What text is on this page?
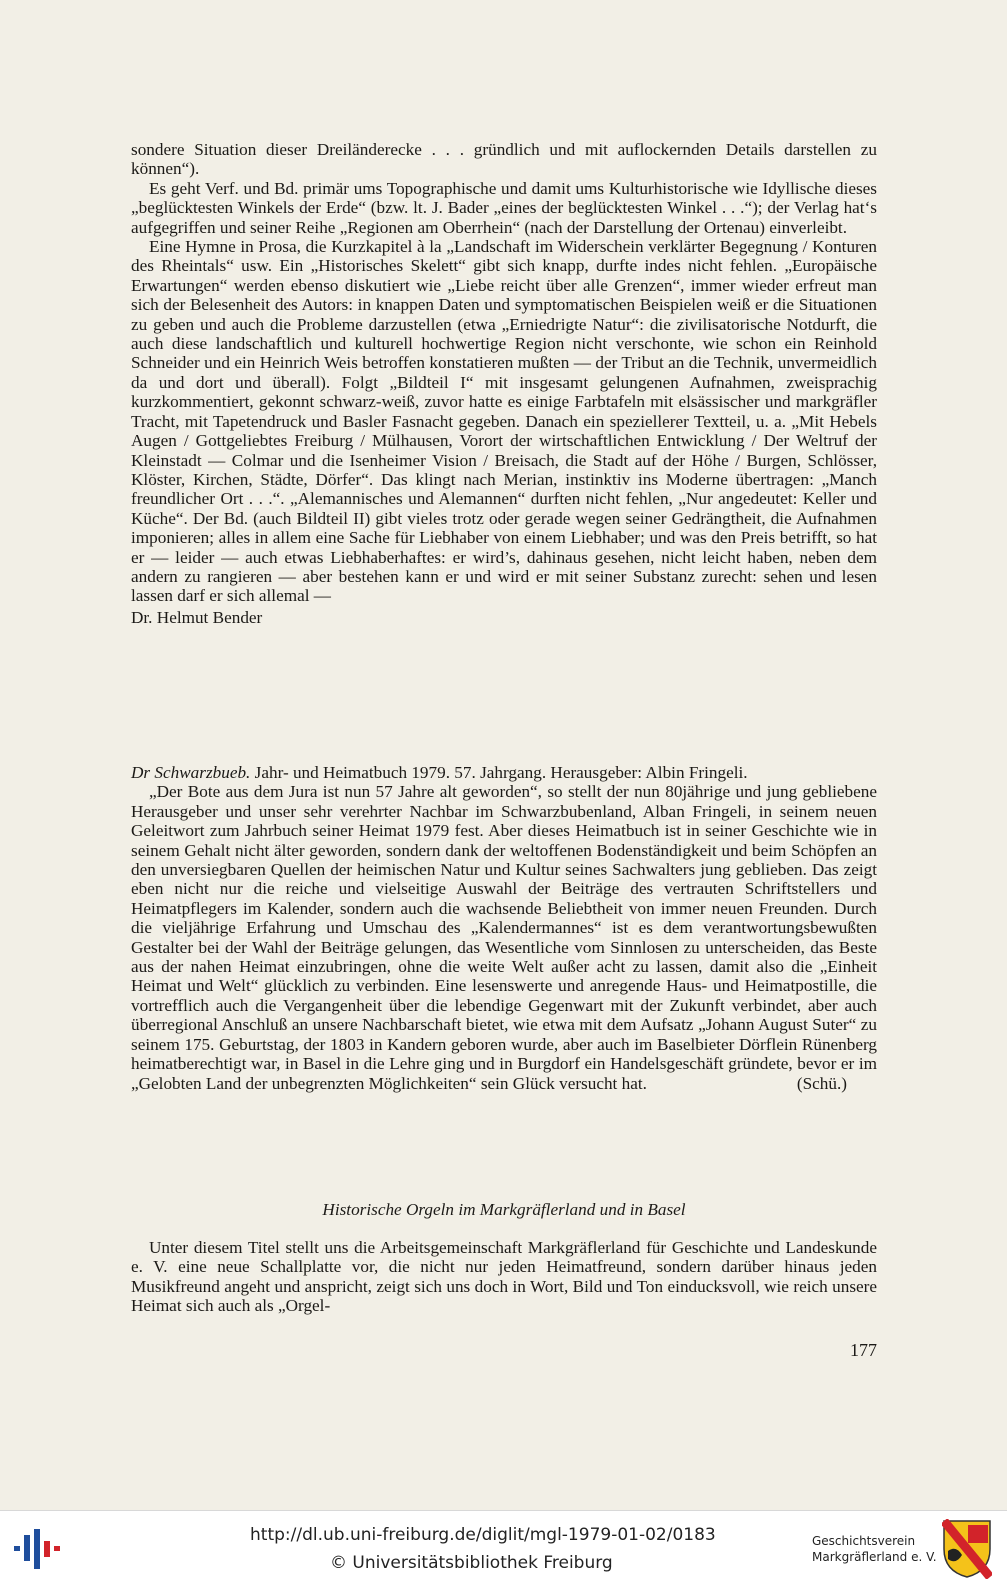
sondere Situation dieser Dreiländerecke . . . gründlich und mit auflockernden Details darstellen zu können“).

Es geht Verf. und Bd. primär ums Topographische und damit ums Kulturhistorische wie Idyllische dieses „beglücktesten Winkels der Erde“ (bzw. lt. J. Bader „eines der beglücktesten Winkel . . .“); der Verlag hat‘s aufgegriffen und seiner Reihe „Regionen am Oberrhein“ (nach der Darstellung der Ortenau) einverleibt.

Eine Hymne in Prosa, die Kurzkapitel à la „Landschaft im Widerschein verklärter Begegnung / Konturen des Rheintals“ usw. Ein „Historisches Skelett“ gibt sich knapp, durfte indes nicht fehlen. „Europäische Erwartungen“ werden ebenso diskutiert wie „Liebe reicht über alle Grenzen“, immer wieder erfreut man sich der Belesenheit des Autors: in knappen Daten und symptomatischen Beispielen weiß er die Situationen zu geben und auch die Probleme darzustellen (etwa „Erniedrigte Natur“: die zivilisatorische Notdurft, die auch diese landschaftlich und kulturell hochwertige Region nicht verschonte, wie schon ein Reinhold Schneider und ein Heinrich Weis betroffen konstatieren mußten — der Tribut an die Technik, unvermeidlich da und dort und überall). Folgt „Bildteil I“ mit insgesamt gelungenen Aufnahmen, zweisprachig kurzkommentiert, gekonnt schwarz-weiß, zuvor hatte es einige Farbtafeln mit elsässischer und markgräfler Tracht, mit Tapetendruck und Basler Fasnacht gegeben. Danach ein speziellerer Textteil, u. a. „Mit Hebels Augen / Gottgeliebtes Freiburg / Mülhausen, Vorort der wirtschaftlichen Entwicklung / Der Weltruf der Kleinstadt — Colmar und die Isenheimer Vision / Breisach, die Stadt auf der Höhe / Burgen, Schlösser, Klöster, Kirchen, Städte, Dörfer“. Das klingt nach Merian, instinktiv ins Moderne übertragen: „Manch freundlicher Ort . . .“. „Alemannisches und Alemannen“ durften nicht fehlen, „Nur angedeutet: Keller und Küche“. Der Bd. (auch Bildteil II) gibt vieles trotz oder gerade wegen seiner Gedrängtheit, die Aufnahmen imponieren; alles in allem eine Sache für Liebhaber von einem Liebhaber; und was den Preis betrifft, so hat er — leider — auch etwas Liebhaberhaftes: er wird’s, dahinaus gesehen, nicht leicht haben, neben dem andern zu rangieren — aber bestehen kann er und wird er mit seiner Substanz zurecht: sehen und lesen lassen darf er sich allemal —

Dr. Helmut Bender

Dr Schwarzbueb. Jahr- und Heimatbuch 1979. 57. Jahrgang. Herausgeber: Albin Fringeli.

„Der Bote aus dem Jura ist nun 57 Jahre alt geworden“, so stellt der nun 80jährige und jung gebliebene Herausgeber und unser sehr verehrter Nachbar im Schwarzbubenland, Alban Fringeli, in seinem neuen Geleitwort zum Jahrbuch seiner Heimat 1979 fest. Aber dieses Heimatbuch ist in seiner Geschichte wie in seinem Gehalt nicht älter geworden, sondern dank der weltoffenen Bodenständigkeit und beim Schöpfen an den unversiegbaren Quellen der heimischen Natur und Kultur seines Sachwalters jung geblieben. Das zeigt eben nicht nur die reiche und vielseitige Auswahl der Beiträge des vertrauten Schriftstellers und Heimatpflegers im Kalender, sondern auch die wachsende Beliebtheit von immer neuen Freunden. Durch die vieljährige Erfahrung und Umschau des „Kalendermannes“ ist es dem verantwortungsbewußten Gestalter bei der Wahl der Beiträge gelungen, das Wesentliche vom Sinnlosen zu unterscheiden, das Beste aus der nahen Heimat einzubringen, ohne die weite Welt außer acht zu lassen, damit also die „Einheit Heimat und Welt“ glücklich zu verbinden. Eine lesenswerte und anregende Haus- und Heimatpostille, die vortrefflich auch die Vergangenheit über die lebendige Gegenwart mit der Zukunft verbindet, aber auch überregional Anschluß an unsere Nachbarschaft bietet, wie etwa mit dem Aufsatz „Johann August Suter“ zu seinem 175. Geburtstag, der 1803 in Kandern geboren wurde, aber auch im Baselbieter Dörflein Rünenberg heimatberechtigt war, in Basel in die Lehre ging und in Burgdorf ein Handelsgeschäft gründete, bevor er im „Gelobten Land der unbegrenzten Möglichkeiten“ sein Glück versucht hat.	(Schü.)

Historische Orgeln im Markgräflerland und in Basel

Unter diesem Titel stellt uns die Arbeitsgemeinschaft Markgräflerland für Geschichte und Landeskunde e. V. eine neue Schallplatte vor, die nicht nur jeden Heimatfreund, sondern darüber hinaus jeden Musikfreund angeht und anspricht, zeigt sich uns doch in Wort, Bild und Ton einducksvoll, wie reich unsere Heimat sich auch als „Orgel-

177
http://dl.ub.uni-freiburg.de/diglit/mgl-1979-01-02/0183
© Universitätsbibliothek Freiburg
Geschichtsverein
Markgräflerland e. V.
